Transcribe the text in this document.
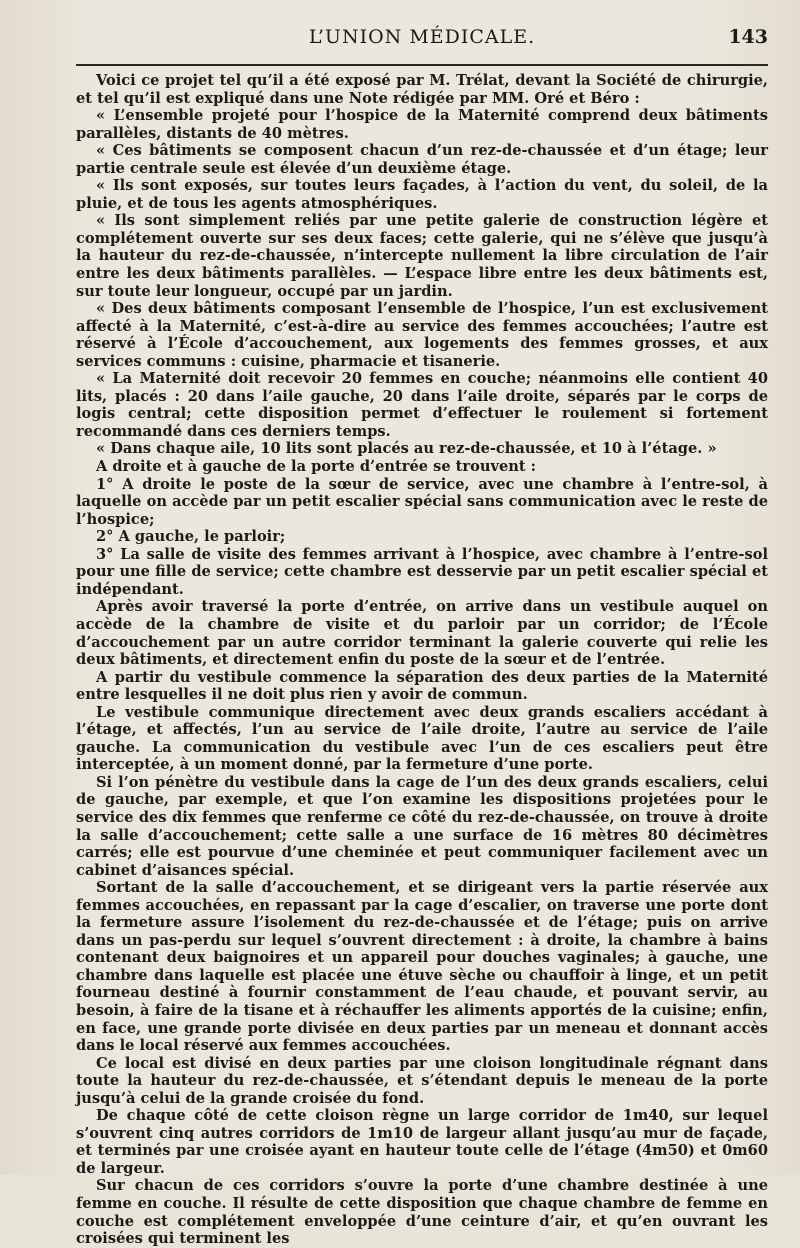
L’UNION MÉDICALE.	143

Voici ce projet tel qu’il a été exposé par M. Trélat, devant la Société de chirurgie, et tel qu’il est expliqué dans une Note rédigée par MM. Oré et Béro :

« L’ensemble projeté pour l’hospice de la Maternité comprend deux bâtiments parallèles, distants de 40 mètres.

« Ces bâtiments se composent chacun d’un rez-de-chaussée et d’un étage; leur partie centrale seule est élevée d’un deuxième étage.

« Ils sont exposés, sur toutes leurs façades, à l’action du vent, du soleil, de la pluie, et de tous les agents atmosphériques.

« Ils sont simplement reliés par une petite galerie de construction légère et complétement ouverte sur ses deux faces; cette galerie, qui ne s’élève que jusqu’à la hauteur du rez-de-chaussée, n’intercepte nullement la libre circulation de l’air entre les deux bâtiments parallèles. — L’espace libre entre les deux bâtiments est, sur toute leur longueur, occupé par un jardin.

« Des deux bâtiments composant l’ensemble de l’hospice, l’un est exclusivement affecté à la Maternité, c’est-à-dire au service des femmes accouchées; l’autre est réservé à l’École d’accouchement, aux logements des femmes grosses, et aux services communs : cuisine, pharmacie et tisanerie.

« La Maternité doit recevoir 20 femmes en couche; néanmoins elle contient 40 lits, placés : 20 dans l’aile gauche, 20 dans l’aile droite, séparés par le corps de logis central; cette disposition permet d’effectuer le roulement si fortement recommandé dans ces derniers temps.

« Dans chaque aile, 10 lits sont placés au rez-de-chaussée, et 10 à l’étage. »

A droite et à gauche de la porte d’entrée se trouvent :

1° A droite le poste de la sœur de service, avec une chambre à l’entre-sol, à laquelle on accède par un petit escalier spécial sans communication avec le reste de l’hospice;

2° A gauche, le parloir;

3° La salle de visite des femmes arrivant à l’hospice, avec chambre à l’entre-sol pour une fille de service; cette chambre est desservie par un petit escalier spécial et indépendant.

Après avoir traversé la porte d’entrée, on arrive dans un vestibule auquel on accède de la chambre de visite et du parloir par un corridor; de l’École d’accouchement par un autre corridor terminant la galerie couverte qui relie les deux bâtiments, et directement enfin du poste de la sœur et de l’entrée.

A partir du vestibule commence la séparation des deux parties de la Maternité entre lesquelles il ne doit plus rien y avoir de commun.

Le vestibule communique directement avec deux grands escaliers accédant à l’étage, et affectés, l’un au service de l’aile droite, l’autre au service de l’aile gauche. La communication du vestibule avec l’un de ces escaliers peut être interceptée, à un moment donné, par la fermeture d’une porte.

Si l’on pénètre du vestibule dans la cage de l’un des deux grands escaliers, celui de gauche, par exemple, et que l’on examine les dispositions projetées pour le service des dix femmes que renferme ce côté du rez-de-chaussée, on trouve à droite la salle d’accouchement; cette salle a une surface de 16 mètres 80 décimètres carrés; elle est pourvue d’une cheminée et peut communiquer facilement avec un cabinet d’aisances spécial.

Sortant de la salle d’accouchement, et se dirigeant vers la partie réservée aux femmes accouchées, en repassant par la cage d’escalier, on traverse une porte dont la fermeture assure l’isolement du rez-de-chaussée et de l’étage; puis on arrive dans un pas-perdu sur lequel s’ouvrent directement : à droite, la chambre à bains contenant deux baignoires et un appareil pour douches vaginales; à gauche, une chambre dans laquelle est placée une étuve sèche ou chauffoir à linge, et un petit fourneau destiné à fournir constamment de l’eau chaude, et pouvant servir, au besoin, à faire de la tisane et à réchauffer les aliments apportés de la cuisine; enfin, en face, une grande porte divisée en deux parties par un meneau et donnant accès dans le local réservé aux femmes accouchées.

Ce local est divisé en deux parties par une cloison longitudinale régnant dans toute la hauteur du rez-de-chaussée, et s’étendant depuis le meneau de la porte jusqu’à celui de la grande croisée du fond.

De chaque côté de cette cloison règne un large corridor de 1m40, sur lequel s’ouvrent cinq autres corridors de 1m10 de largeur allant jusqu’au mur de façade, et terminés par une croisée ayant en hauteur toute celle de l’étage (4m50) et 0m60 de largeur.

Sur chacun de ces corridors s’ouvre la porte d’une chambre destinée à une femme en couche. Il résulte de cette disposition que chaque chambre de femme en couche est complétement enveloppée d’une ceinture d’air, et qu’en ouvrant les croisées qui terminent les
